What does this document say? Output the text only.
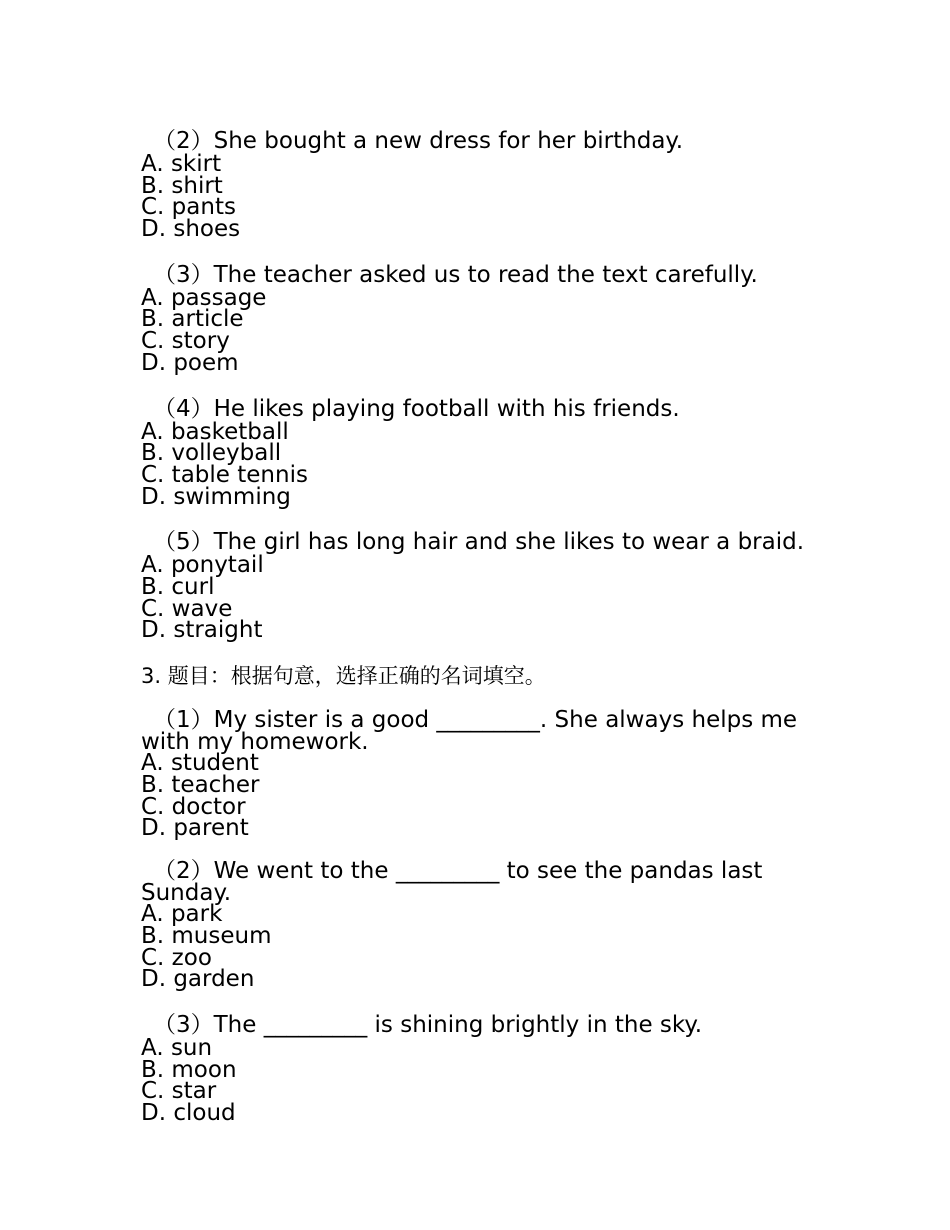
（2）She bought a new dress for her birthday.

A. skirt
B. shirt
C. pants
D. shoes

（3）The teacher asked us to read the text carefully.

A. passage
B. article
C. story
D. poem

（4）He likes playing football with his friends.

A. basketball
B. volleyball
C. table tennis
D. swimming

（5）The girl has long hair and she likes to wear a braid.

A. ponytail
B. curl
C. wave
D. straight

3. 题目：根据句意，选择正确的名词填空。

（1）My sister is a good _________. She always helps me with my homework.

A. student
B. teacher
C. doctor
D. parent

（2）We went to the _________ to see the pandas last Sunday.

A. park
B. museum
C. zoo
D. garden

（3）The _________ is shining brightly in the sky.

A. sun
B. moon
C. star
D. cloud
